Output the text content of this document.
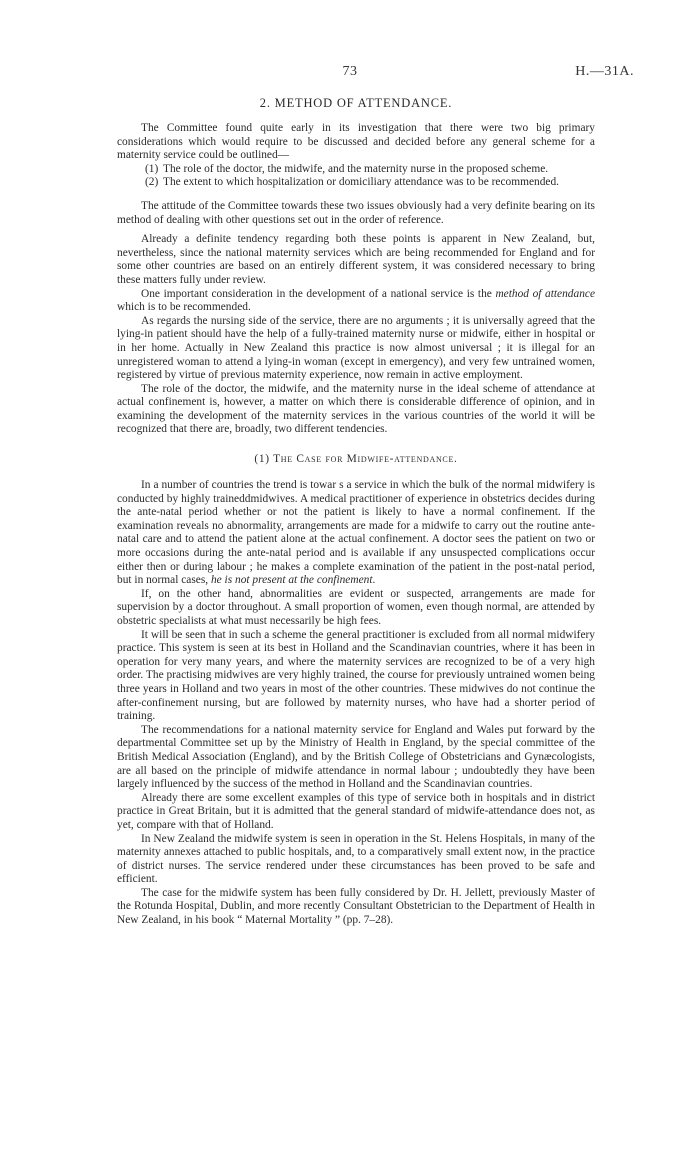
73	H.—31A.
2. METHOD OF ATTENDANCE.

The Committee found quite early in its investigation that there were two big primary considerations which would require to be discussed and decided before any general scheme for a maternity service could be outlined—

(1) The role of the doctor, the midwife, and the maternity nurse in the proposed scheme.
(2) The extent to which hospitalization or domiciliary attendance was to be recommended.

The attitude of the Committee towards these two issues obviously had a very definite bearing on its method of dealing with other questions set out in the order of reference.

Already a definite tendency regarding both these points is apparent in New Zealand, but, nevertheless, since the national maternity services which are being recommended for England and for some other countries are based on an entirely different system, it was considered necessary to bring these matters fully under review.

One important consideration in the development of a national service is the method of attendance which is to be recommended.

As regards the nursing side of the service, there are no arguments ; it is universally agreed that the lying-in patient should have the help of a fully-trained maternity nurse or midwife, either in hospital or in her home. Actually in New Zealand this practice is now almost universal ; it is illegal for an unregistered woman to attend a lying-in woman (except in emergency), and very few untrained women, registered by virtue of previous maternity experience, now remain in active employment.

The role of the doctor, the midwife, and the maternity nurse in the ideal scheme of attendance at actual confinement is, however, a matter on which there is considerable difference of opinion, and in examining the development of the maternity services in the various countries of the world it will be recognized that there are, broadly, two different tendencies.

(1) The Case for Midwife-attendance.

In a number of countries the trend is towar s a service in which the bulk of the normal midwifery is conducted by highly traineddmidwives. A medical practitioner of experience in obstetrics decides during the ante-natal period whether or not the patient is likely to have a normal confinement. If the examination reveals no abnormality, arrangements are made for a midwife to carry out the routine ante-natal care and to attend the patient alone at the actual confinement. A doctor sees the patient on two or more occasions during the ante-natal period and is available if any unsuspected complications occur either then or during labour ; he makes a complete examination of the patient in the post-natal period, but in normal cases, he is not present at the confinement.

If, on the other hand, abnormalities are evident or suspected, arrangements are made for supervision by a doctor throughout. A small proportion of women, even though normal, are attended by obstetric specialists at what must necessarily be high fees.

It will be seen that in such a scheme the general practitioner is excluded from all normal midwifery practice. This system is seen at its best in Holland and the Scandinavian countries, where it has been in operation for very many years, and where the maternity services are recognized to be of a very high order. The practising midwives are very highly trained, the course for previously untrained women being three years in Holland and two years in most of the other countries. These midwives do not continue the after-confinement nursing, but are followed by maternity nurses, who have had a shorter period of training.

The recommendations for a national maternity service for England and Wales put forward by the departmental Committee set up by the Ministry of Health in England, by the special committee of the British Medical Association (England), and by the British College of Obstetricians and Gynæcologists, are all based on the principle of midwife attendance in normal labour ; undoubtedly they have been largely influenced by the success of the method in Holland and the Scandinavian countries.

Already there are some excellent examples of this type of service both in hospitals and in district practice in Great Britain, but it is admitted that the general standard of midwife-attendance does not, as yet, compare with that of Holland.

In New Zealand the midwife system is seen in operation in the St. Helens Hospitals, in many of the maternity annexes attached to public hospitals, and, to a comparatively small extent now, in the practice of district nurses. The service rendered under these circumstances has been proved to be safe and efficient.

The case for the midwife system has been fully considered by Dr. H. Jellett, previously Master of the Rotunda Hospital, Dublin, and more recently Consultant Obstetrician to the Department of Health in New Zealand, in his book “ Maternal Mortality ” (pp. 7–28).
